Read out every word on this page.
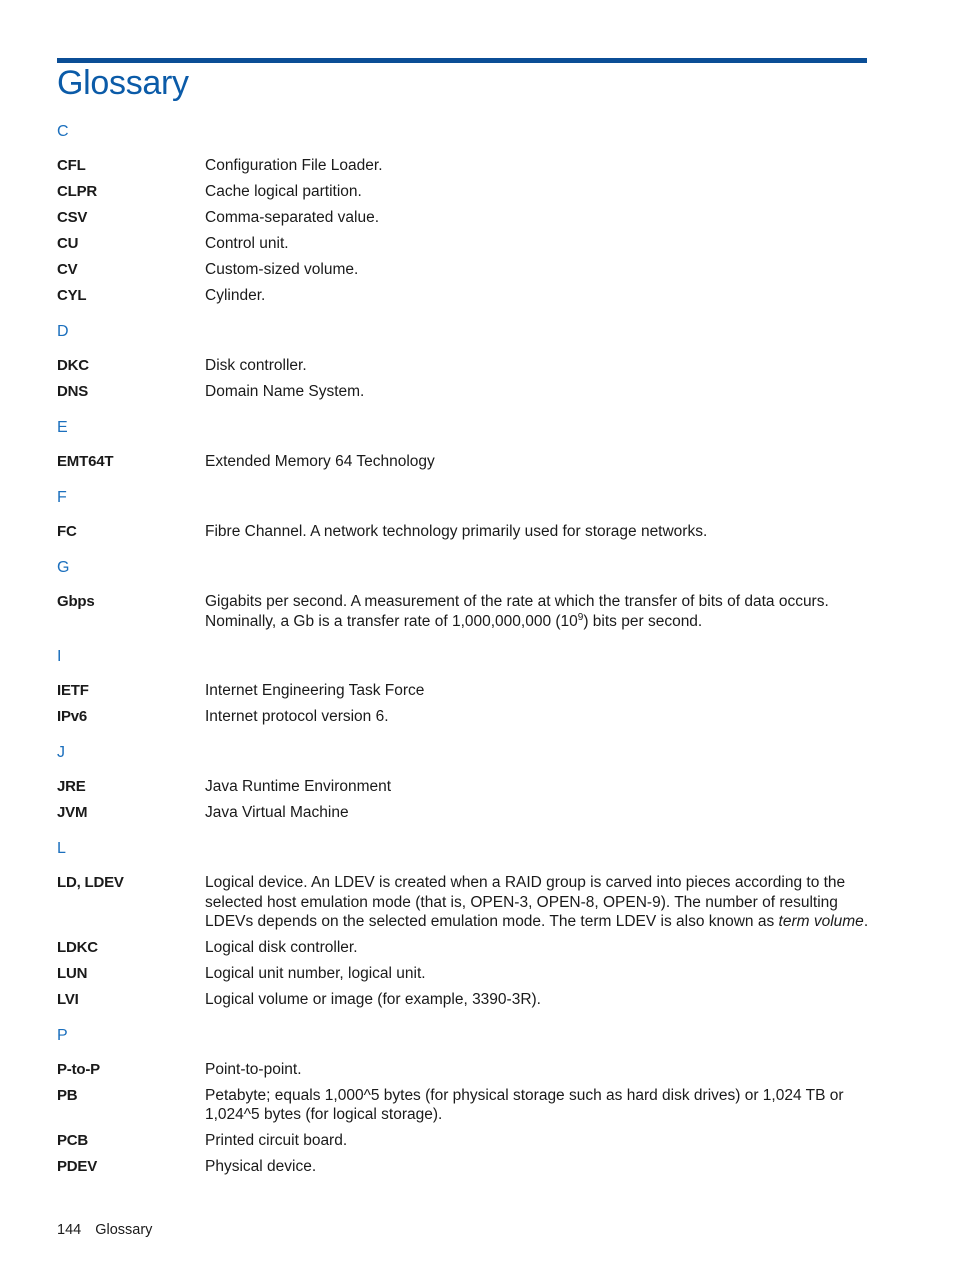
Glossary
C
CFL	Configuration File Loader.
CLPR	Cache logical partition.
CSV	Comma-separated value.
CU	Control unit.
CV	Custom-sized volume.
CYL	Cylinder.
D
DKC	Disk controller.
DNS	Domain Name System.
E
EMT64T	Extended Memory 64 Technology
F
FC	Fibre Channel. A network technology primarily used for storage networks.
G
Gbps	Gigabits per second. A measurement of the rate at which the transfer of bits of data occurs. Nominally, a Gb is a transfer rate of 1,000,000,000 $(10^9)$ bits per second.
I
IETF	Internet Engineering Task Force
IPv6	Internet protocol version 6.
J
JRE	Java Runtime Environment
JVM	Java Virtual Machine
L
LD, LDEV	Logical device. An LDEV is created when a RAID group is carved into pieces according to the selected host emulation mode (that is, OPEN-3, OPEN-8, OPEN-9). The number of resulting LDEVs depends on the selected emulation mode. The term LDEV is also known as term volume.
LDKC	Logical disk controller.
LUN	Logical unit number, logical unit.
LVI	Logical volume or image (for example, 3390-3R).
P
P-to-P	Point-to-point.
PB	Petabyte; equals 1,000^5 bytes (for physical storage such as hard disk drives) or 1,024 TB or 1,024^5 bytes (for logical storage).
PCB	Printed circuit board.
PDEV	Physical device.
144 Glossary
